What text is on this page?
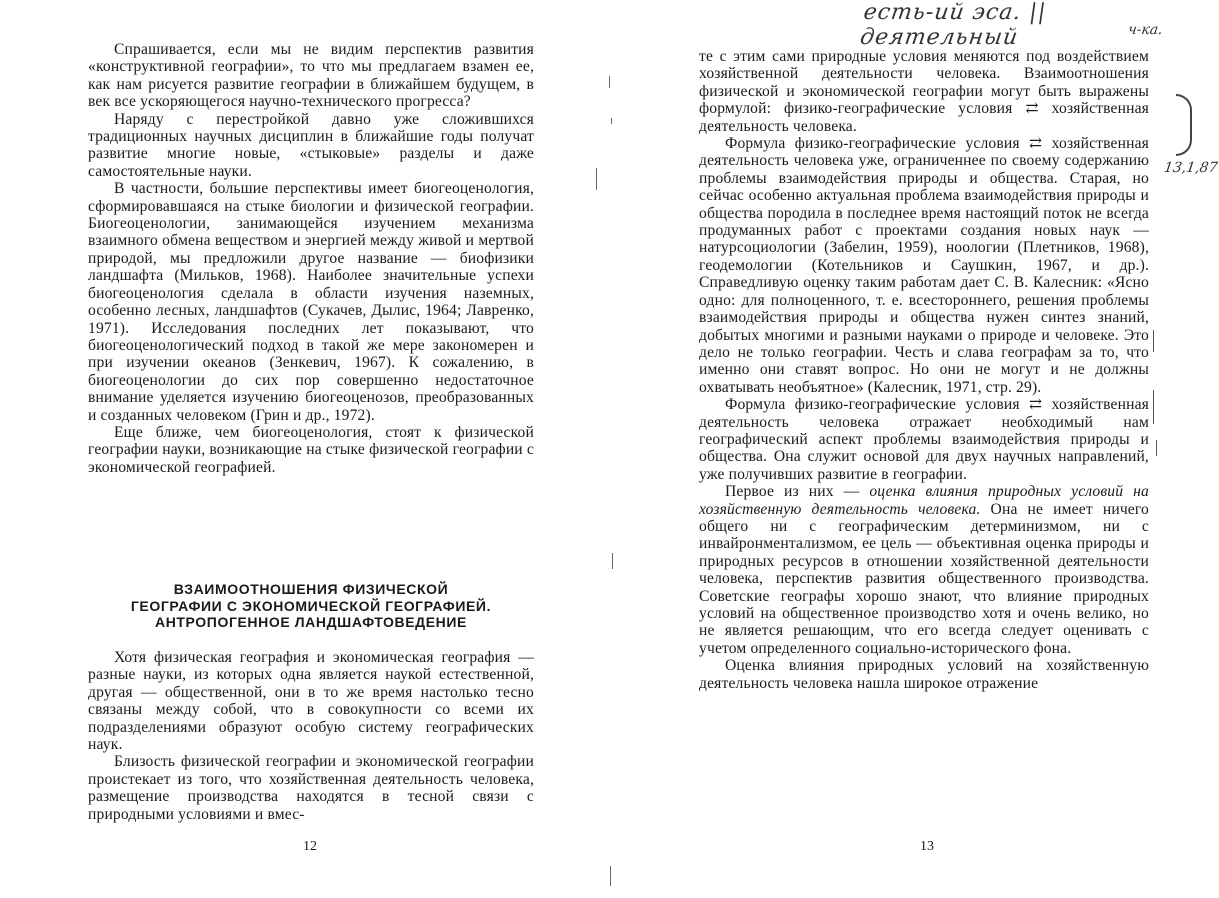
Спрашивается, если мы не видим перспектив развития «конструктивной географии», то что мы предлагаем взамен ее, как нам рисуется развитие географии в ближайшем будущем, в век все ускоряющегося научно-технического прогресса?

Наряду с перестройкой давно уже сложившихся традиционных научных дисциплин в ближайшие годы получат развитие многие новые, «стыковые» разделы и даже самостоятельные науки.

В частности, большие перспективы имеет биогеоценология, сформировавшаяся на стыке биологии и физической географии. Биогеоценологии, занимающейся изучением механизма взаимного обмена веществом и энергией между живой и мертвой природой, мы предложили другое название — биофизики ландшафта (Мильков, 1968). Наиболее значительные успехи биогеоценология сделала в области изучения наземных, особенно лесных, ландшафтов (Сукачев, Дылис, 1964; Лавренко, 1971). Исследования последних лет показывают, что биогеоценологический подход в такой же мере закономерен и при изучении океанов (Зенкевич, 1967). К сожалению, в биогеоценологии до сих пор совершенно недостаточное внимание уделяется изучению биогеоценозов, преобразованных и созданных человеком (Грин и др., 1972).

Еще ближе, чем биогеоценология, стоят к физической географии науки, возникающие на стыке физической географии с экономической географией.

ВЗАИМООТНОШЕНИЯ ФИЗИЧЕСКОЙ
ГЕОГРАФИИ С ЭКОНОМИЧЕСКОЙ ГЕОГРАФИЕЙ.
АНТРОПОГЕННОЕ ЛАНДШАФТОВЕДЕНИЕ

Хотя физическая география и экономическая география — разные науки, из которых одна является наукой естественной, другая — общественной, они в то же время настолько тесно связаны между собой, что в совокупности со всеми их подразделениями образуют особую систему географических наук.

Близость физической географии и экономической географии проистекает из того, что хозяйственная деятельность человека, размещение производства находятся в тесной связи с природными условиями и вмес-

12

те с этим сами природные условия меняются под воздействием хозяйственной деятельности человека. Взаимоотношения физической и экономической географии могут быть выражены формулой: физико-географические условия ⇄ хозяйственная деятельность человека.

Формула физико-географические условия ⇄ хозяйственная деятельность человека уже, ограниченнее по своему содержанию проблемы взаимодействия природы и общества. Старая, но сейчас особенно актуальная проблема взаимодействия природы и общества породила в последнее время настоящий поток не всегда продуманных работ с проектами создания новых наук — натурсоциологии (Забелин, 1959), ноологии (Плетников, 1968), геодемологии (Котельников и Саушкин, 1967, и др.). Справедливую оценку таким работам дает С. В. Калесник: «Ясно одно: для полноценного, т. е. всестороннего, решения проблемы взаимодействия природы и общества нужен синтез знаний, добытых многими и разными науками о природе и человеке. Это дело не только географии. Честь и слава географам за то, что именно они ставят вопрос. Но они не могут и не должны охватывать необъятное» (Калесник, 1971, стр. 29).

Формула физико-географические условия ⇄ хозяйственная деятельность человека отражает необходимый нам географический аспект проблемы взаимодействия природы и общества. Она служит основой для двух научных направлений, уже получивших развитие в географии.

Первое из них — оценка влияния природных условий на хозяйственную деятельность человека. Она не имеет ничего общего ни с географическим детерминизмом, ни с инвайронментализмом, ее цель — объективная оценка природы и природных ресурсов в отношении хозяйственной деятельности человека, перспектив развития общественного производства. Советские географы хорошо знают, что влияние природных условий на общественное производство хотя и очень велико, но не является решающим, что его всегда следует оценивать с учетом определенного социально-исторического фона.

Оценка влияния природных условий на хозяйственную деятельность человека нашла широкое отражение

13
есть-ий эса. || деятельный	ч-ка.
13,1,87
